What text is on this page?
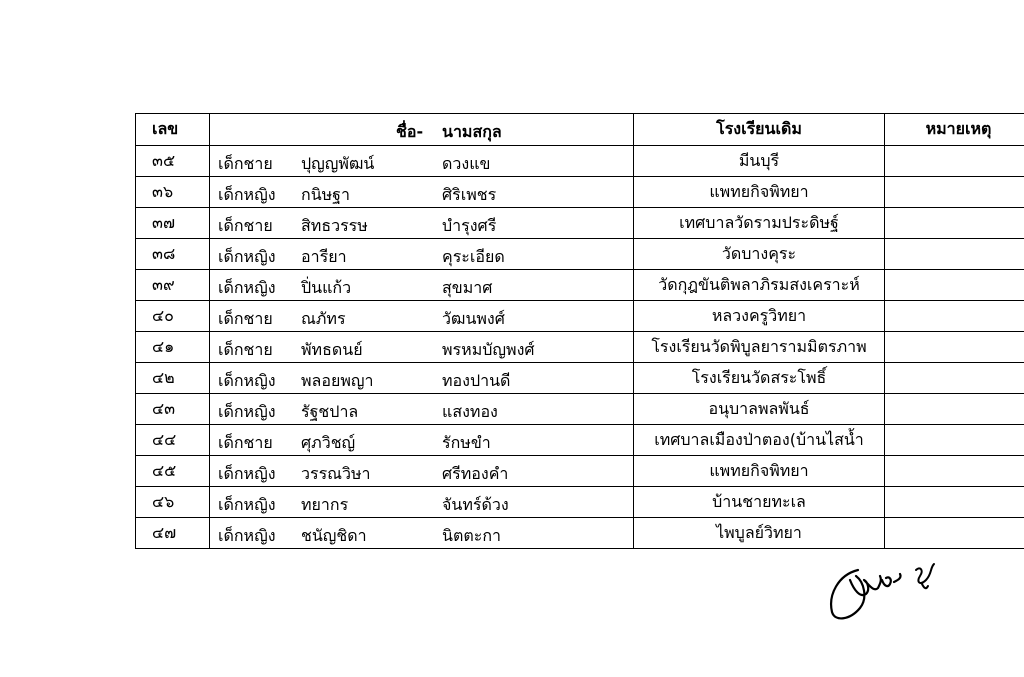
เลข	ชื่อ- นามสกุล	โรงเรียนเดิม	หมายเหตุ
๓๕	เด็กชาย ปุญญพัฒน์ ดวงแข	มีนบุรี	
๓๖	เด็กหญิง กนิษฐา ศิริเพชร	แพทยกิจพิทยา	
๓๗	เด็กชาย สิทธวรรษ บำรุงศรี	เทศบาลวัดรามประดิษฐ์	
๓๘	เด็กหญิง อารียา คุระเอียด	วัดบางคุระ	
๓๙	เด็กหญิง ปิ่นแก้ว สุขมาศ	วัดกุฎขันติพลาภิรมสงเคราะห์	
๔๐	เด็กชาย ณภัทร วัฒนพงศ์	หลวงครูวิทยา	
๔๑	เด็กชาย พัทธดนย์ พรหมบัญพงศ์	โรงเรียนวัดพิบูลยารามมิตรภาพ	
๔๒	เด็กหญิง พลอยพญา ทองปานดี	โรงเรียนวัดสระโพธิ์	
๔๓	เด็กหญิง รัฐชปาล แสงทอง	อนุบาลพลพันธ์	
๔๔	เด็กชาย ศุภวิชญ์ รักษขำ	เทศบาลเมืองป่าตอง(บ้านไสน้ำ	
๔๕	เด็กหญิง วรรณวิษา ศรีทองคำ	แพทยกิจพิทยา	
๔๖	เด็กหญิง ทยากร จันทร์ด้วง	บ้านชายทะเล	
๔๗	เด็กหญิง ชนัญชิดา นิตตะกา	ไพบูลย์วิทยา	
